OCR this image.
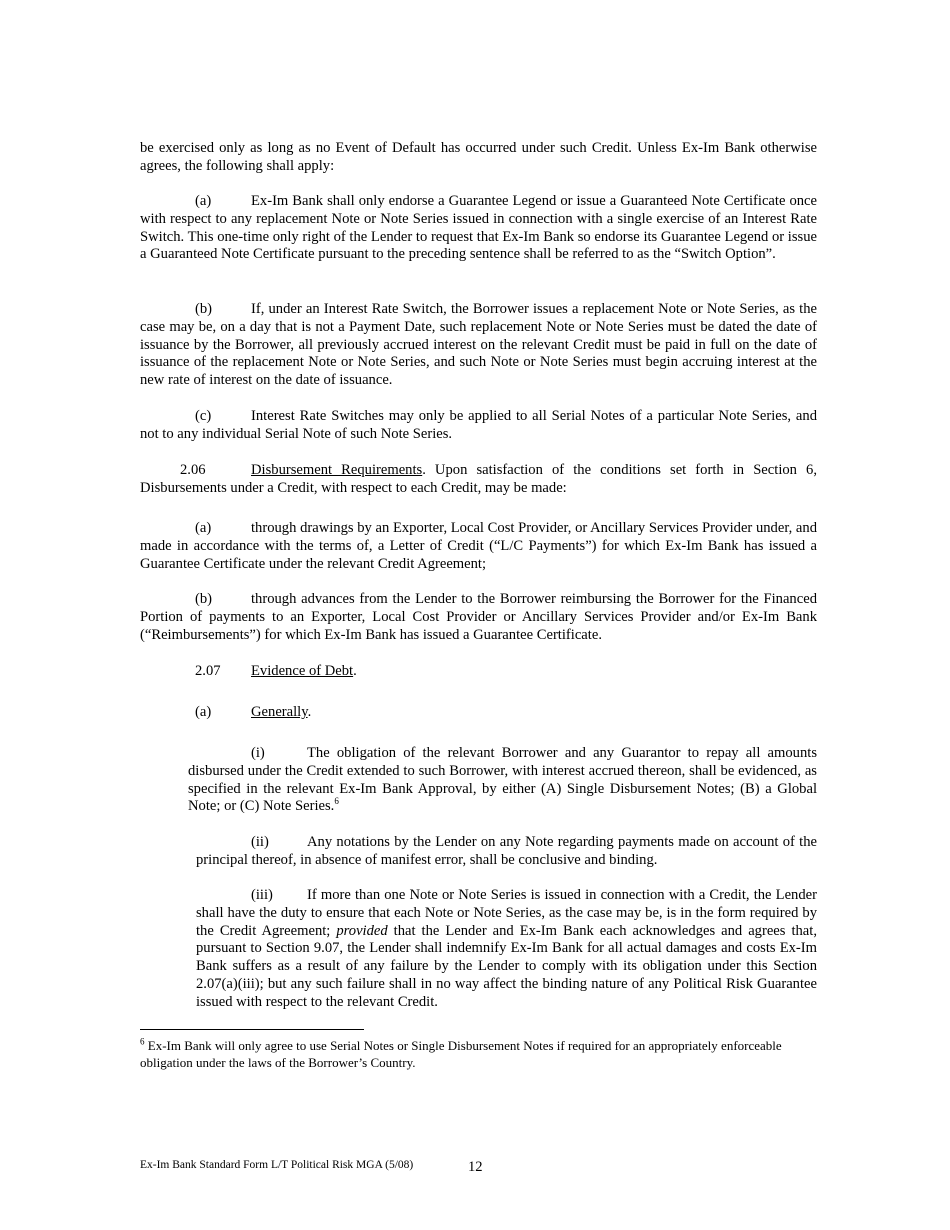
be exercised only as long as no Event of Default has occurred under such Credit. Unless Ex-Im Bank otherwise agrees, the following shall apply:

(a)	Ex-Im Bank shall only endorse a Guarantee Legend or issue a Guaranteed Note Certificate once with respect to any replacement Note or Note Series issued in connection with a single exercise of an Interest Rate Switch. This one-time only right of the Lender to request that Ex-Im Bank so endorse its Guarantee Legend or issue a Guaranteed Note Certificate pursuant to the preceding sentence shall be referred to as the “Switch Option”.

(b)	If, under an Interest Rate Switch, the Borrower issues a replacement Note or Note Series, as the case may be, on a day that is not a Payment Date, such replacement Note or Note Series must be dated the date of issuance by the Borrower, all previously accrued interest on the relevant Credit must be paid in full on the date of issuance of the replacement Note or Note Series, and such Note or Note Series must begin accruing interest at the new rate of interest on the date of issuance.

(c)	Interest Rate Switches may only be applied to all Serial Notes of a particular Note Series, and not to any individual Serial Note of such Note Series.

2.06	Disbursement Requirements. Upon satisfaction of the conditions set forth in Section 6, Disbursements under a Credit, with respect to each Credit, may be made:

(a)	through drawings by an Exporter, Local Cost Provider, or Ancillary Services Provider under, and made in accordance with the terms of, a Letter of Credit (“L/C Payments”) for which Ex-Im Bank has issued a Guarantee Certificate under the relevant Credit Agreement;

(b)	through advances from the Lender to the Borrower reimbursing the Borrower for the Financed Portion of payments to an Exporter, Local Cost Provider or Ancillary Services Provider and/or Ex-Im Bank (“Reimbursements”) for which Ex-Im Bank has issued a Guarantee Certificate.

2.07 Evidence of Debt.

(a)	Generally.

(i)	The obligation of the relevant Borrower and any Guarantor to repay all amounts disbursed under the Credit extended to such Borrower, with interest accrued thereon, shall be evidenced, as specified in the relevant Ex-Im Bank Approval, by either (A) Single Disbursement Notes; (B) a Global Note; or (C) Note Series.$^6$

(ii)	Any notations by the Lender on any Note regarding payments made on account of the principal thereof, in absence of manifest error, shall be conclusive and binding.

(iii) If more than one Note or Note Series is issued in connection with a Credit, the Lender shall have the duty to ensure that each Note or Note Series, as the case may be, is in the form required by the Credit Agreement; provided that the Lender and Ex-Im Bank each acknowledges and agrees that, pursuant to Section 9.07, the Lender shall indemnify Ex-Im Bank for all actual damages and costs Ex-Im Bank suffers as a result of any failure by the Lender to comply with its obligation under this Section 2.07(a)(iii); but any such failure shall in no way affect the binding nature of any Political Risk Guarantee issued with respect to the relevant Credit.

$^6$ Ex-Im Bank will only agree to use Serial Notes or Single Disbursement Notes if required for an appropriately enforceable obligation under the laws of the Borrower’s Country.

Ex-Im Bank Standard Form L/T Political Risk MGA (5/08)	12
